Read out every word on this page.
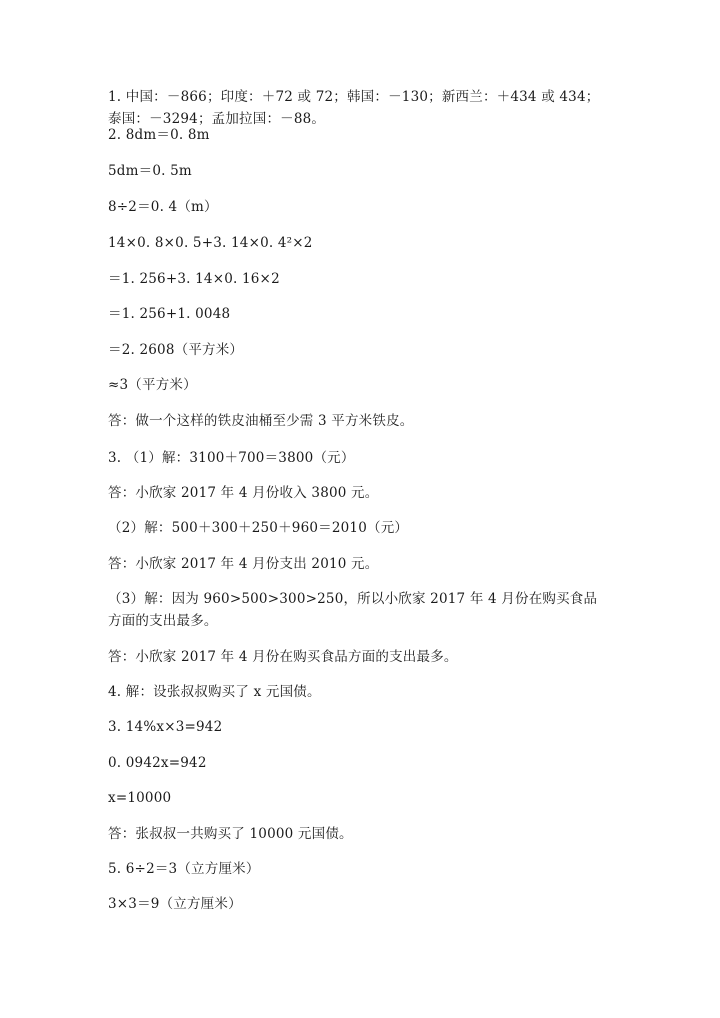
1. 中国：－866；印度：＋72 或 72；韩国：－130；新西兰：＋434 或 434；泰国：－3294；孟加拉国：－88。
2. 8dm＝0. 8m
5dm＝0. 5m
8÷2＝0. 4（m）
14×0. 8×0. 5+3. 14×0. 4²×2
＝1. 256+3. 14×0. 16×2
＝1. 256+1. 0048
＝2. 2608（平方米）
≈3（平方米）
答：做一个这样的铁皮油桶至少需 3 平方米铁皮。
3. （1）解：3100＋700＝3800（元）
答：小欣家 2017 年 4 月份收入 3800 元。
（2）解：500＋300＋250＋960＝2010（元）
答：小欣家 2017 年 4 月份支出 2010 元。
（3）解：因为 960>500>300>250，所以小欣家 2017 年 4 月份在购买食品方面的支出最多。
答：小欣家 2017 年 4 月份在购买食品方面的支出最多。
4. 解：设张叔叔购买了 x 元国债。
3. 14%x×3=942
0. 0942x=942
x=10000
答：张叔叔一共购买了 10000 元国债。
5. 6÷2＝3（立方厘米）
3×3＝9（立方厘米）
